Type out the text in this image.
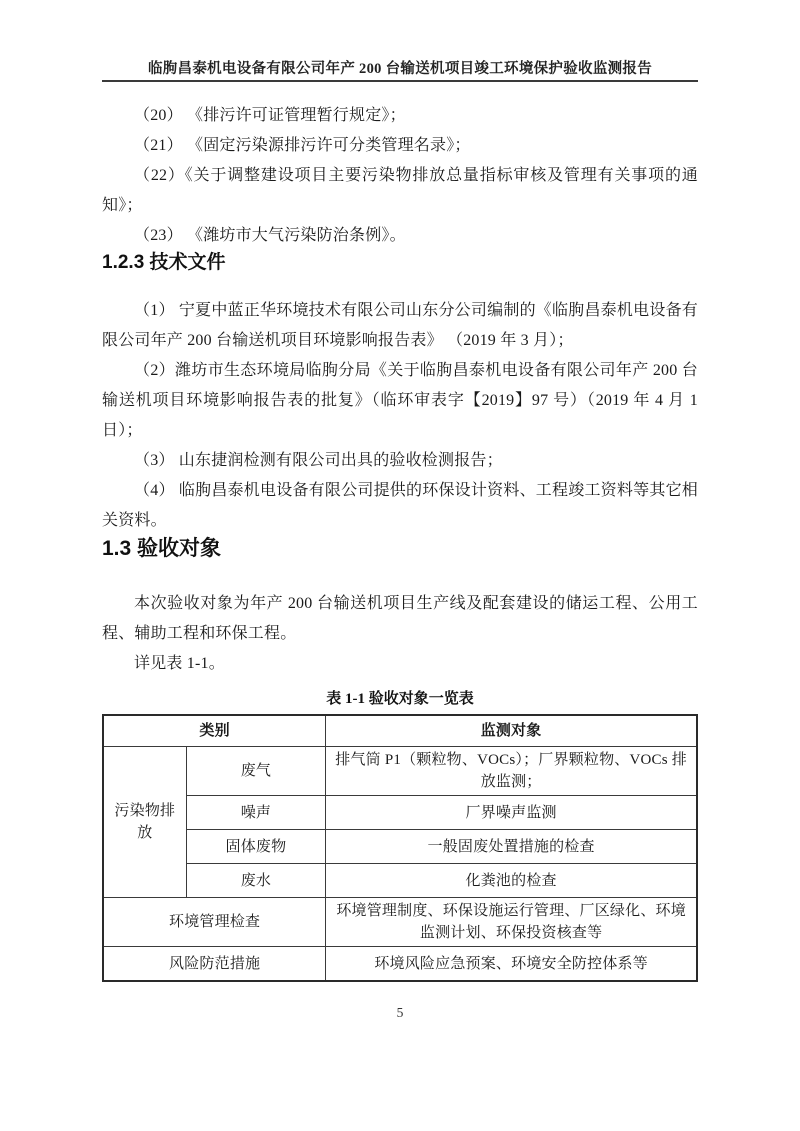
临朐昌泰机电设备有限公司年产 200 台输送机项目竣工环境保护验收监测报告

（20） 《排污许可证管理暂行规定》；

（21） 《固定污染源排污许可分类管理名录》；

（22）《关于调整建设项目主要污染物排放总量指标审核及管理有关事项的通知》；

（23） 《潍坊市大气污染防治条例》。

1.2.3 技术文件

（1） 宁夏中蓝正华环境技术有限公司山东分公司编制的《临朐昌泰机电设备有限公司年产 200 台输送机项目环境影响报告表》 （2019 年 3 月）；

（2）潍坊市生态环境局临朐分局《关于临朐昌泰机电设备有限公司年产 200 台输送机项目环境影响报告表的批复》（临环审表字【2019】97 号）（2019 年 4 月 1 日）；

（3） 山东捷润检测有限公司出具的验收检测报告；

（4） 临朐昌泰机电设备有限公司提供的环保设计资料、工程竣工资料等其它相关资料。

1.3 验收对象

本次验收对象为年产 200 台输送机项目生产线及配套建设的储运工程、公用工程、辅助工程和环保工程。

详见表 1-1。

表 1-1 验收对象一览表
类别		监测对象
污染物排放	废气	排气筒 P1（颗粒物、VOCs）；厂界颗粒物、VOCs 排放监测；
	噪声	厂界噪声监测
	固体废物	一般固废处置措施的检查
	废水	化粪池的检查
环境管理检查		环境管理制度、环保设施运行管理、厂区绿化、环境监测计划、环保投资核查等
风险防范措施		环境风险应急预案、环境安全防控体系等
5
